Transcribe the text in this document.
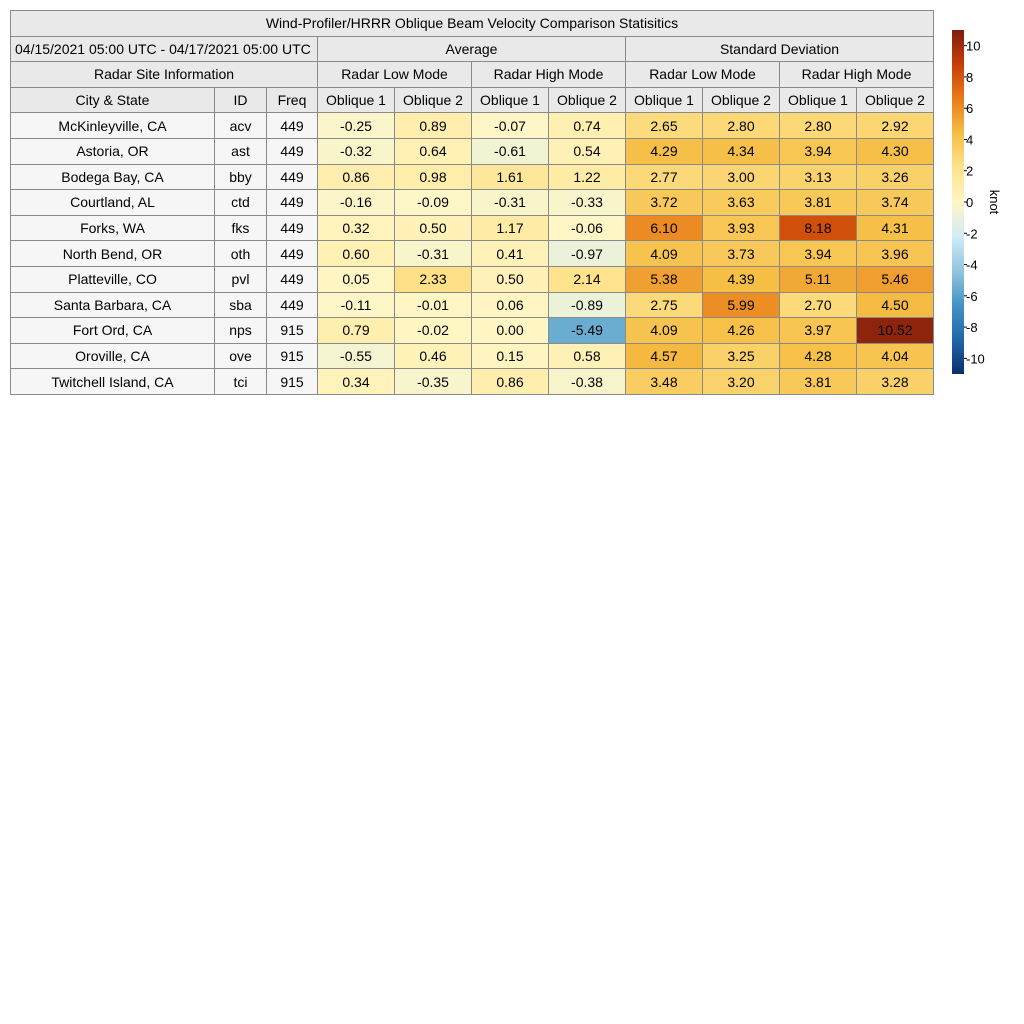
Wind-Profiler/HRRR Oblique Beam Velocity Comparison Statisitics										
04/15/2021 05:00 UTC - 04/17/2021 05:00 UTC			Average				Standard Deviation			
Radar Site Information			Radar Low Mode		Radar High Mode		Radar Low Mode		Radar High Mode	
City & State	ID	Freq	Oblique 1	Oblique 2	Oblique 1	Oblique 2	Oblique 1	Oblique 2	Oblique 1	Oblique 2
McKinleyville, CA	acv	449	-0.25	0.89	-0.07	0.74	2.65	2.80	2.80	2.92
Astoria, OR	ast	449	-0.32	0.64	-0.61	0.54	4.29	4.34	3.94	4.30
Bodega Bay, CA	bby	449	0.86	0.98	1.61	1.22	2.77	3.00	3.13	3.26
Courtland, AL	ctd	449	-0.16	-0.09	-0.31	-0.33	3.72	3.63	3.81	3.74
Forks, WA	fks	449	0.32	0.50	1.17	-0.06	6.10	3.93	8.18	4.31
North Bend, OR	oth	449	0.60	-0.31	0.41	-0.97	4.09	3.73	3.94	3.96
Platteville, CO	pvl	449	0.05	2.33	0.50	2.14	5.38	4.39	5.11	5.46
Santa Barbara, CA	sba	449	-0.11	-0.01	0.06	-0.89	2.75	5.99	2.70	4.50
Fort Ord, CA	nps	915	0.79	-0.02	0.00	-5.49	4.09	4.26	3.97	10.52
Oroville, CA	ove	915	-0.55	0.46	0.15	0.58	4.57	3.25	4.28	4.04
Twitchell Island, CA	tci	915	0.34	-0.35	0.86	-0.38	3.48	3.20	3.81	3.28
10
8
6
4
2
0
-2
-4
-6
-8
-10
knot
